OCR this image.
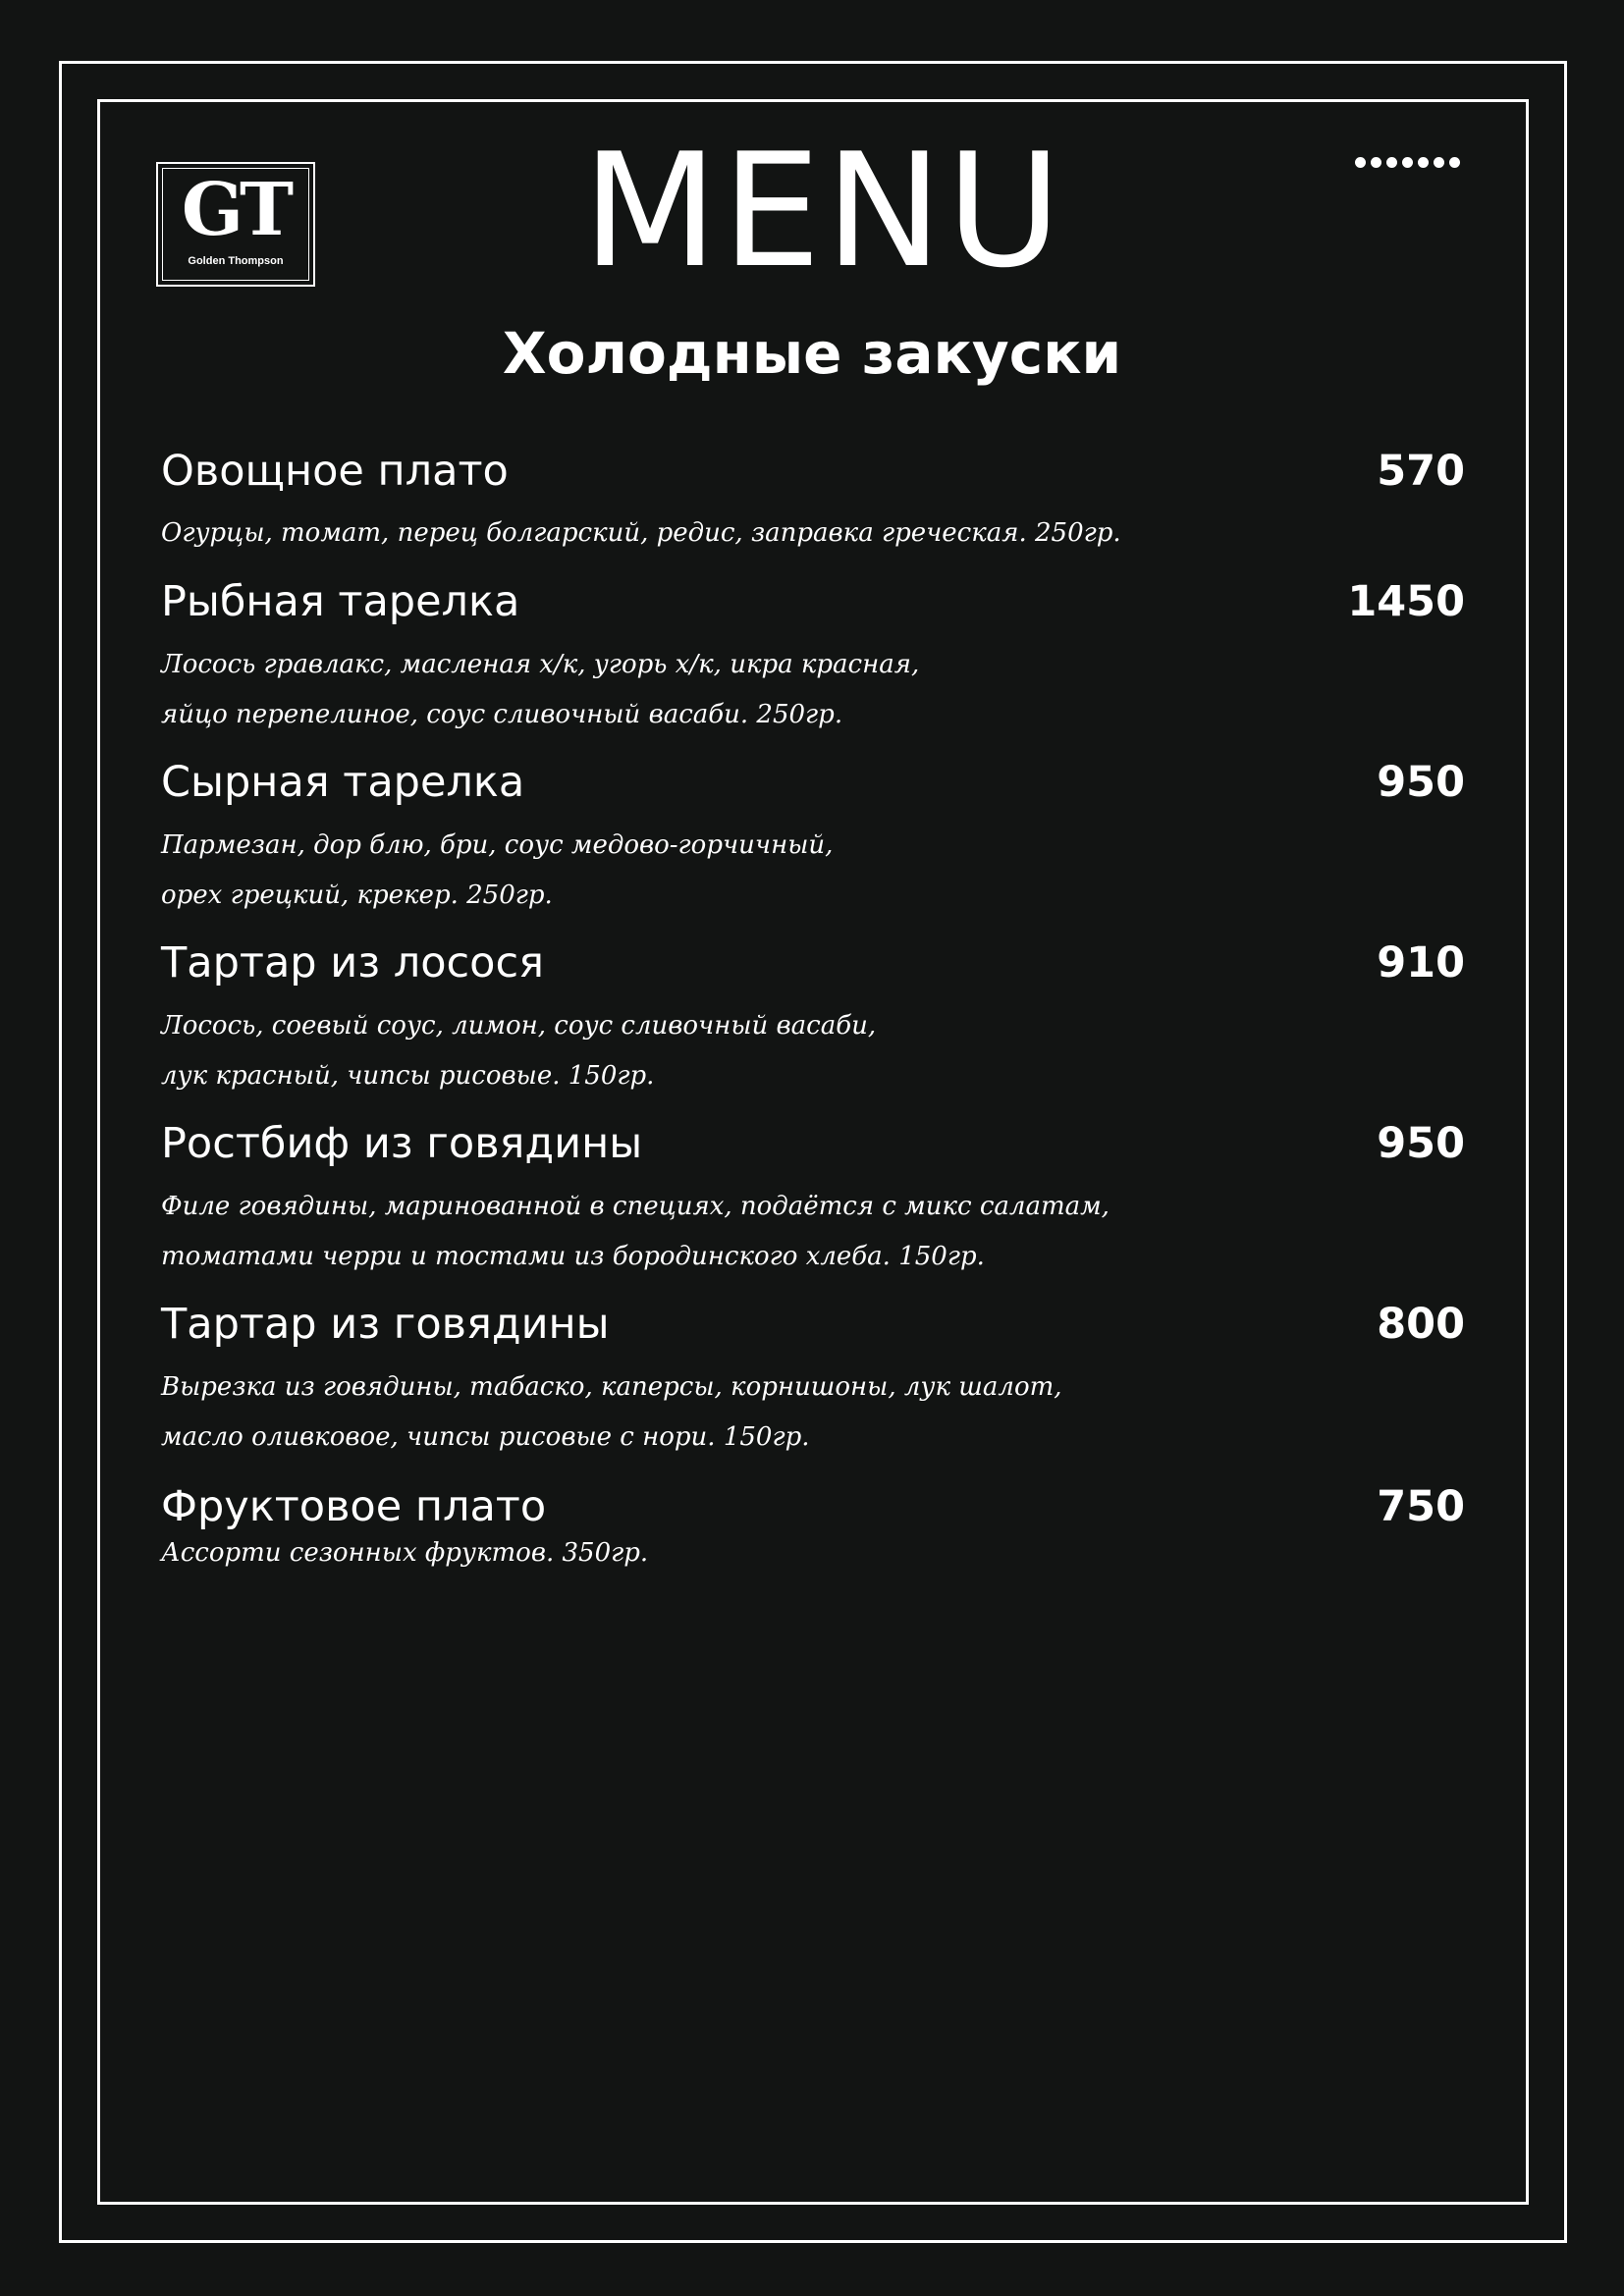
GT
Golden Thompson	MENU
Холодные закуски
Овощное плато	570
Огурцы, томат, перец болгарский, редис, заправка греческая. 250гр.
Рыбная тарелка	1450
Лосось гравлакс, масленая х/к, угорь х/к, икра красная,
яйцо перепелиное, соус сливочный васаби. 250гр.
Сырная тарелка	950
Пармезан, дор блю, бри, соус медово-горчичный,
орех грецкий, крекер. 250гр.
Тартар из лосося	910
Лосось, соевый соус, лимон, соус сливочный васаби,
лук красный, чипсы рисовые. 150гр.
Ростбиф из говядины	950
Филе говядины, маринованной в специях, подаётся с микс салатам,
томатами черри и тостами из бородинского хлеба. 150гр.
Тартар из говядины	800
Вырезка из говядины, табаско, каперсы, корнишоны, лук шалот,
масло оливковое, чипсы рисовые с нори. 150гр.
Фруктовое плато	750
Ассорти сезонных фруктов. 350гр.
